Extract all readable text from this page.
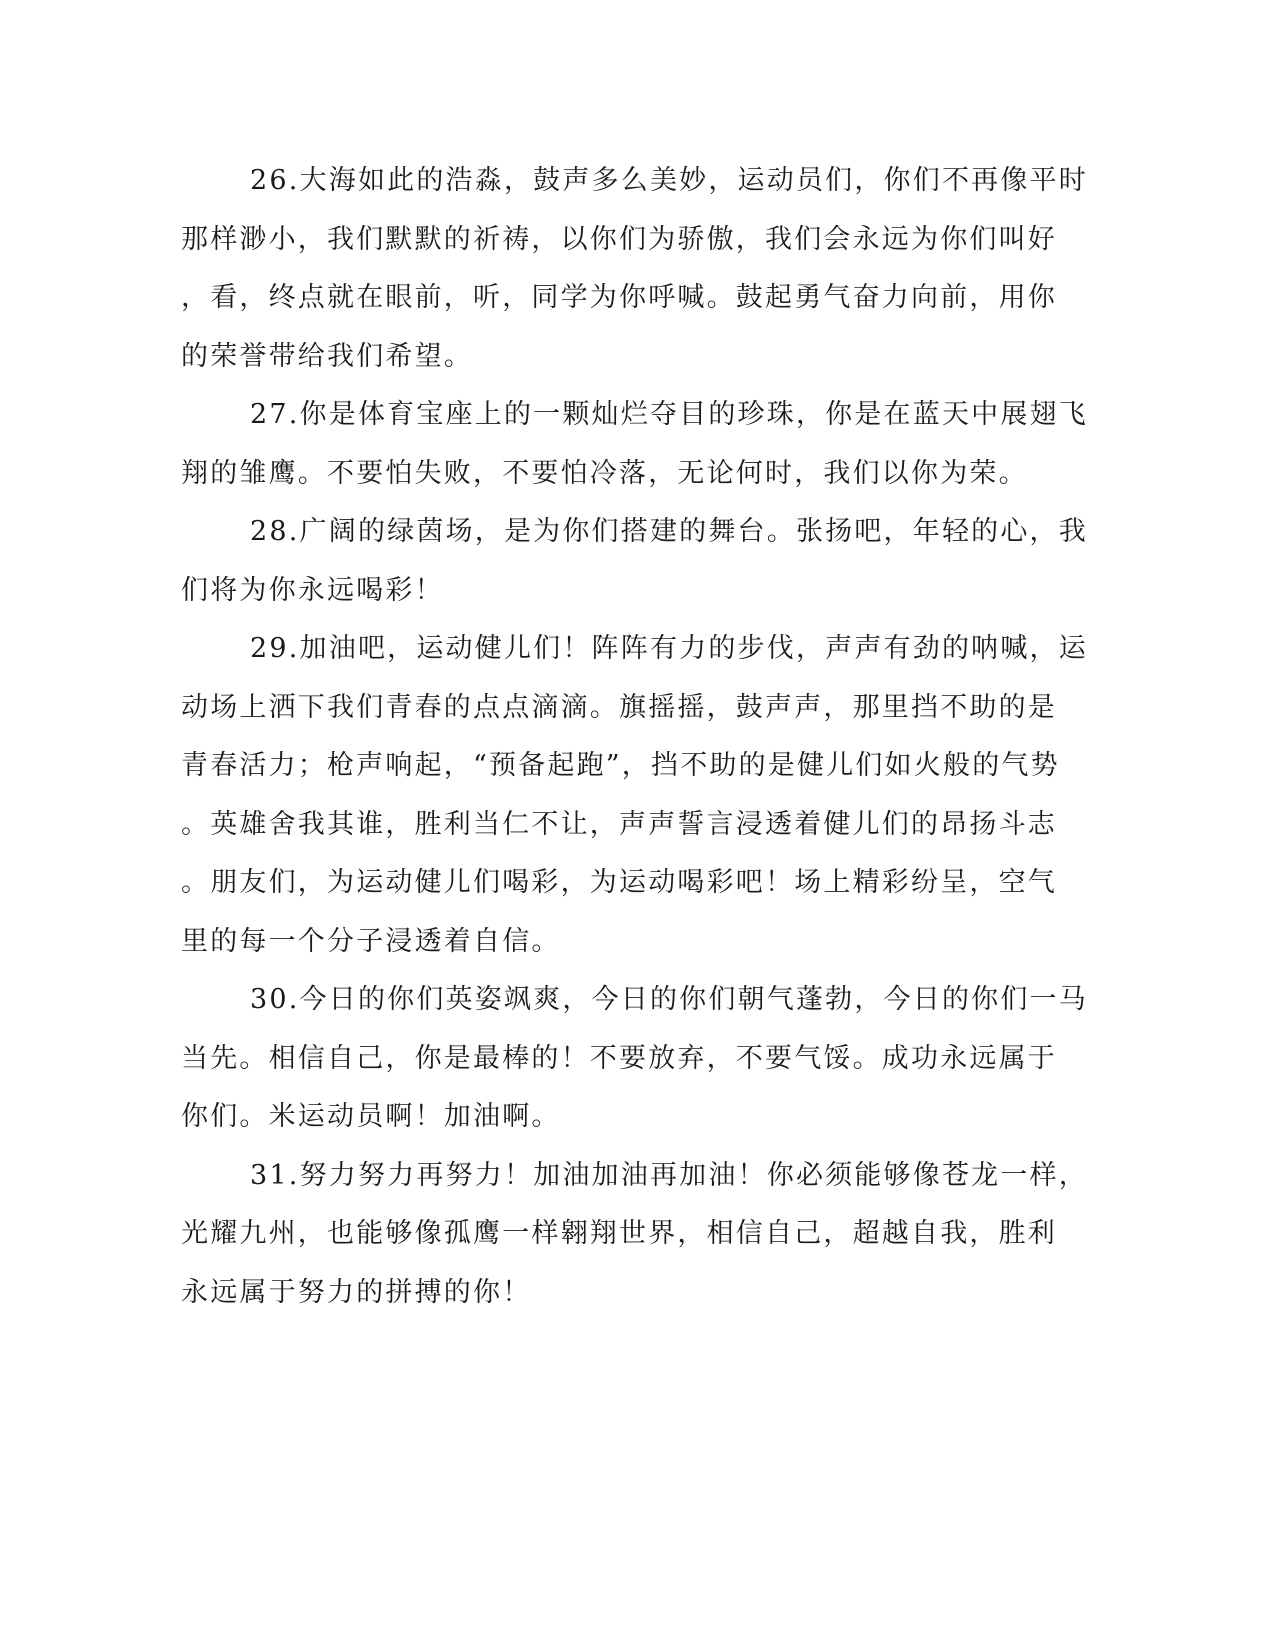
26.大海如此的浩淼，鼓声多么美妙，运动员们，你们不再像平时
那样渺小，我们默默的祈祷，以你们为骄傲，我们会永远为你们叫好
，看，终点就在眼前，听，同学为你呼喊。鼓起勇气奋力向前，用你
的荣誉带给我们希望。
27.你是体育宝座上的一颗灿烂夺目的珍珠，你是在蓝天中展翅飞
翔的雏鹰。不要怕失败，不要怕冷落，无论何时，我们以你为荣。
28.广阔的绿茵场，是为你们搭建的舞台。张扬吧，年轻的心，我
们将为你永远喝彩！
29.加油吧，运动健儿们！阵阵有力的步伐，声声有劲的呐喊，运
动场上洒下我们青春的点点滴滴。旗摇摇，鼓声声，那里挡不助的是
青春活力；枪声响起，“预备起跑”，挡不助的是健儿们如火般的气势
。英雄舍我其谁，胜利当仁不让，声声誓言浸透着健儿们的昂扬斗志
。朋友们，为运动健儿们喝彩，为运动喝彩吧！场上精彩纷呈，空气
里的每一个分子浸透着自信。
30.今日的你们英姿飒爽，今日的你们朝气蓬勃，今日的你们一马
当先。相信自己，你是最棒的！不要放弃，不要气馁。成功永远属于
你们。米运动员啊！加油啊。
31.努力努力再努力！加油加油再加油！你必须能够像苍龙一样，
光耀九州，也能够像孤鹰一样翱翔世界，相信自己，超越自我，胜利
永远属于努力的拼搏的你！
